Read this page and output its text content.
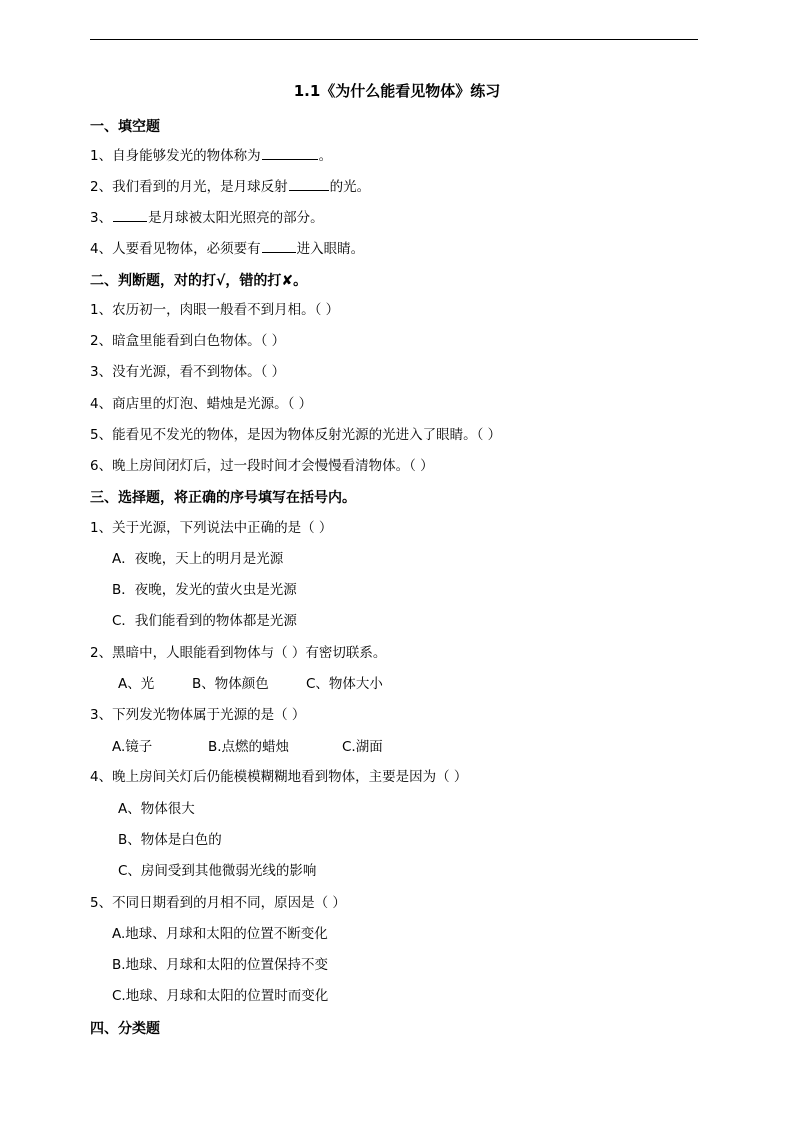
1.1《为什么能看见物体》练习
一、填空题
1、自身能够发光的物体称为	。
2、我们看到的月光，是月球反射	的光。
3、	是月球被太阳光照亮的部分。
4、人要看见物体，必须要有	进入眼睛。
二、判断题，对的打√，错的打✘。
1、农历初一，肉眼一般看不到月相。（ ）
2、暗盒里能看到白色物体。（ ）
3、没有光源，看不到物体。（ ）
4、商店里的灯泡、蜡烛是光源。（ ）
5、能看见不发光的物体，是因为物体反射光源的光进入了眼睛。（ ）
6、晚上房间闭灯后，过一段时间才会慢慢看清物体。（ ）
三、选择题，将正确的序号填写在括号内。
1、关于光源，下列说法中正确的是（ ）
A．夜晚，天上的明月是光源
B．夜晚，发光的萤火虫是光源
C．我们能看到的物体都是光源
2、黑暗中，人眼能看到物体与（ ）有密切联系。
A、光	B、物体颜色	C、物体大小
3、下列发光物体属于光源的是（ ）
A.镜子	B.点燃的蜡烛	C.湖面
4、晚上房间关灯后仍能模模糊糊地看到物体，主要是因为（ ）
A、物体很大
B、物体是白色的
C、房间受到其他微弱光线的影响
5、不同日期看到的月相不同，原因是（ ）
A.地球、月球和太阳的位置不断变化
B.地球、月球和太阳的位置保持不变
C.地球、月球和太阳的位置时而变化
四、分类题
